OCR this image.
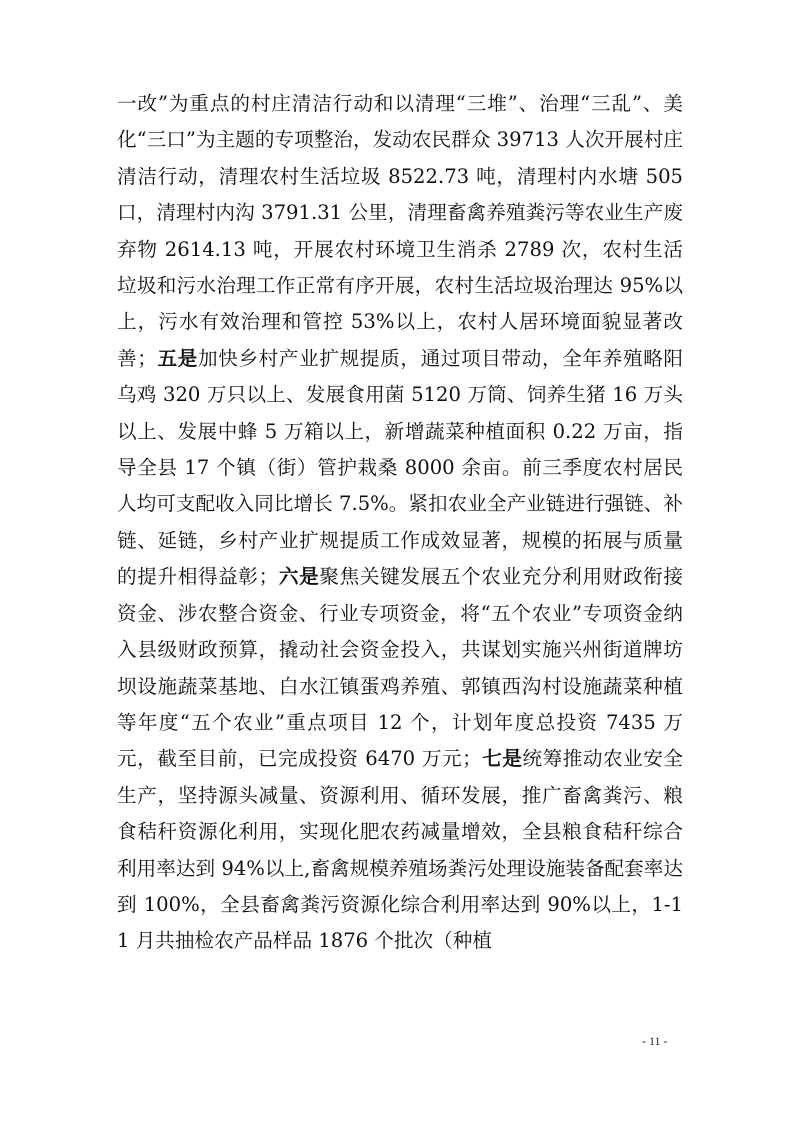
一改”为重点的村庄清洁行动和以清理“三堆”、治理“三乱”、美化“三口”为主题的专项整治，发动农民群众 39713 人次开展村庄清洁行动，清理农村生活垃圾 8522.73 吨，清理村内水塘 505 口，清理村内沟 3791.31 公里，清理畜禽养殖粪污等农业生产废弃物 2614.13 吨，开展农村环境卫生消杀 2789 次，农村生活垃圾和污水治理工作正常有序开展，农村生活垃圾治理达 95%以上，污水有效治理和管控 53%以上，农村人居环境面貌显著改善；五是加快乡村产业扩规提质，通过项目带动，全年养殖略阳乌鸡 320 万只以上、发展食用菌 5120 万筒、饲养生猪 16 万头以上、发展中蜂 5 万箱以上，新增蔬菜种植面积 0.22 万亩，指导全县 17 个镇（街）管护栽桑 8000 余亩。前三季度农村居民人均可支配收入同比增长 7.5%。紧扣农业全产业链进行强链、补链、延链，乡村产业扩规提质工作成效显著，规模的拓展与质量的提升相得益彰；六是聚焦关键发展五个农业充分利用财政衔接资金、涉农整合资金、行业专项资金，将“五个农业”专项资金纳入县级财政预算，撬动社会资金投入，共谋划实施兴州街道牌坊坝设施蔬菜基地、白水江镇蛋鸡养殖、郭镇西沟村设施蔬菜种植等年度“五个农业”重点项目 12 个，计划年度总投资 7435 万元，截至目前，已完成投资 6470 万元；七是统筹推动农业安全生产，坚持源头减量、资源利用、循环发展，推广畜禽粪污、粮食秸秆资源化利用，实现化肥农药减量增效，全县粮食秸秆综合利用率达到 94%以上,畜禽规模养殖场粪污处理设施装备配套率达到 100%，全县畜禽粪污资源化综合利用率达到 90%以上，1-11 月共抽检农产品样品 1876 个批次（种植

- 11 -
